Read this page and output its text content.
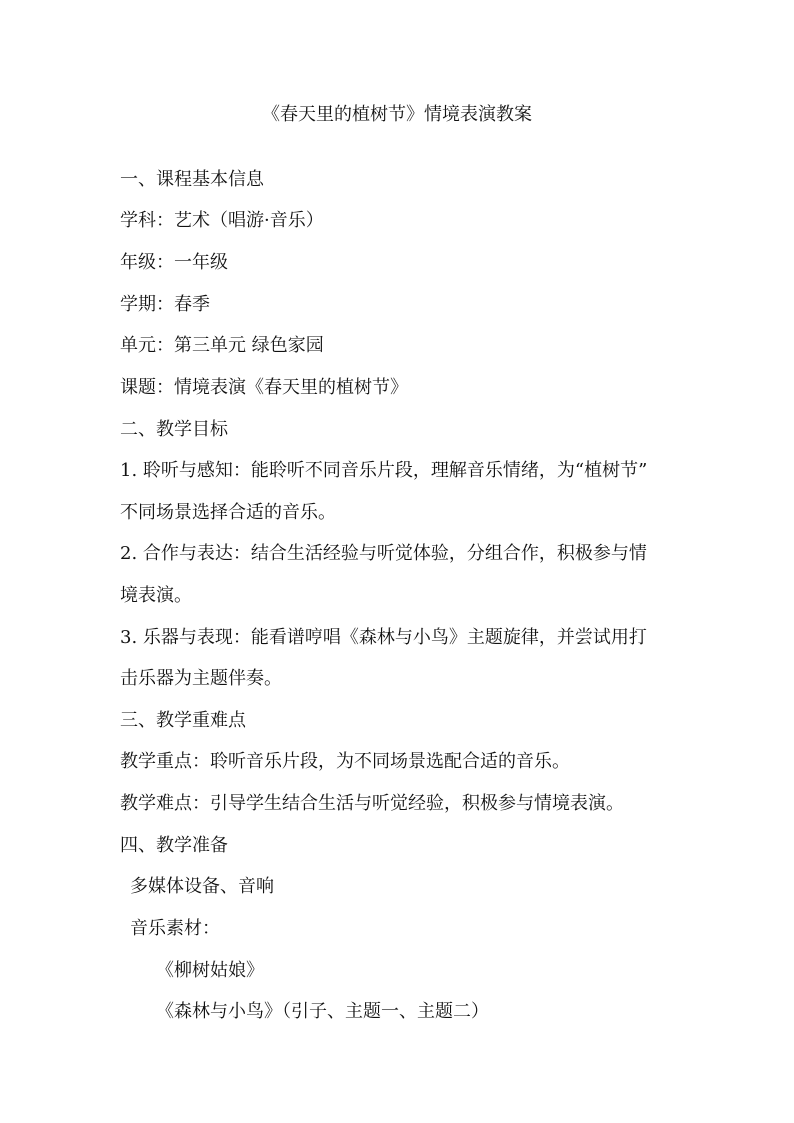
《春天里的植树节》情境表演教案
一、课程基本信息
学科：艺术（唱游·音乐）
年级：一年级
学期：春季
单元：第三单元 绿色家园
课题：情境表演《春天里的植树节》
二、教学目标
1. 聆听与感知：能聆听不同音乐片段，理解音乐情绪，为“植树节”
不同场景选择合适的音乐。
2. 合作与表达：结合生活经验与听觉体验，分组合作，积极参与情
境表演。
3. 乐器与表现：能看谱哼唱《森林与小鸟》主题旋律，并尝试用打
击乐器为主题伴奏。
三、教学重难点
教学重点：聆听音乐片段，为不同场景选配合适的音乐。
教学难点：引导学生结合生活与听觉经验，积极参与情境表演。
四、教学准备
多媒体设备、音响
音乐素材：
《柳树姑娘》
《森林与小鸟》（引子、主题一、主题二）
